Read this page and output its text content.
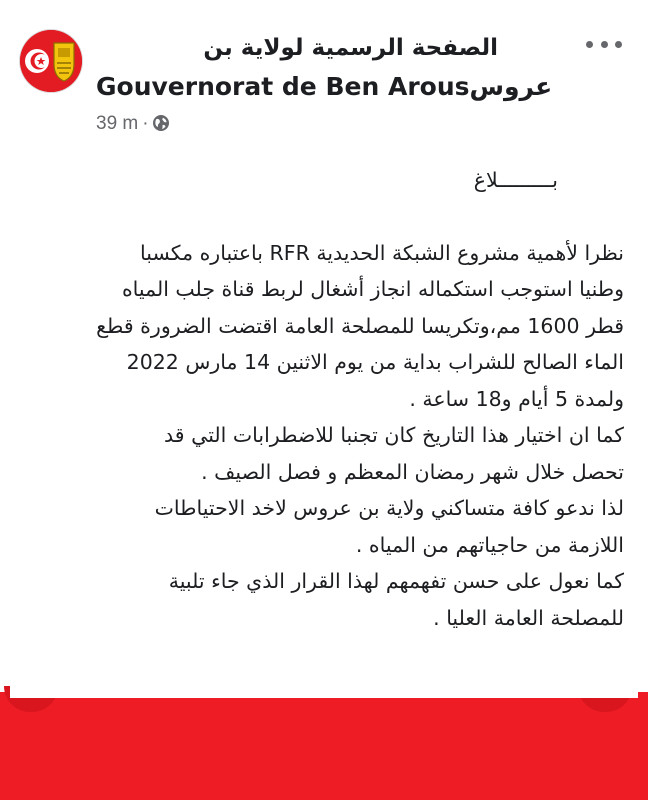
الصفحة الرسمية لولاية بن
عروسGouvernorat de Ben Arous
39 m ·
بـــــــــلاغ
نظرا لأهمية مشروع الشبكة الحديدية RFR باعتباره مكسبا
وطنيا استوجب استكماله انجاز أشغال لربط قناة جلب المياه
قطر 1600 مم،وتكريسا للمصلحة العامة اقتضت الضرورة قطع
الماء الصالح للشراب بداية من يوم الاثنين 14 مارس 2022
ولمدة 5 أيام و18 ساعة .
كما ان اختيار هذا التاريخ كان تجنبا للاضطرابات التي قد
تحصل خلال شهر رمضان المعظم و فصل الصيف .
لذا ندعو كافة متساكني ولاية بن عروس لاخد الاحتياطات
اللازمة من حاجياتهم من المياه .
كما نعول على حسن تفهمهم لهذا القرار الذي جاء تلبية
للمصلحة العامة العليا .
